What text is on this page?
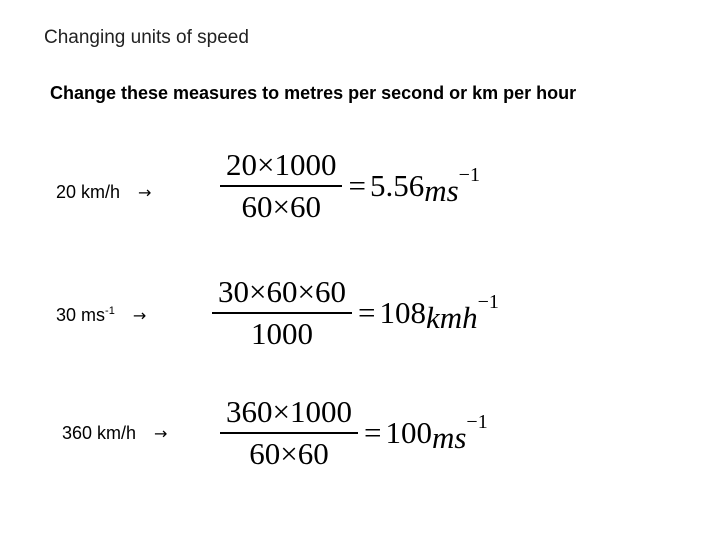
Changing units of speed
Change these measures to metres per second or km per hour
20 $km/h \to \frac{20\times 1000}{60\times 60} = 5.56$ $ms^{-1}$
30 $ms^{-1} \to \frac{30\times 60\times 60}{1000} = 108$ kmh$^{-1}$
360 $km/h \to \frac{360\times 1000}{60\times 60} = 100$ $ms^{-1}$
